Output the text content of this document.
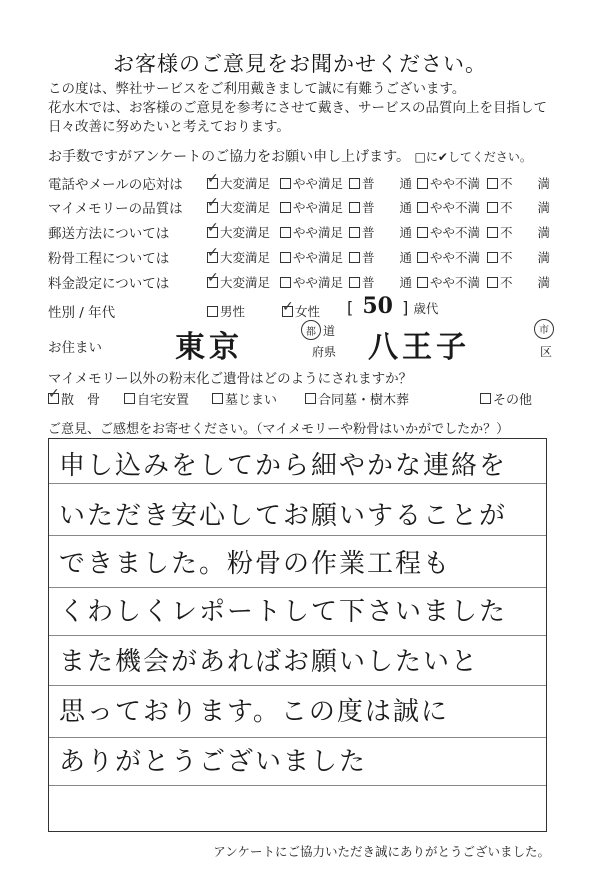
お客様のご意見をお聞かせください。
この度は、弊社サービスをご利用戴きまして誠に有難うございます。
花水木では、お客様のご意見を参考にさせて戴き、サービスの品質向上を目指して
日々改善に努めたいと考えております。
お手数ですがアンケートのご協力をお願い申し上げます。 □に✔してください。
電話やメールの応対は ✓	大変満足 やや満足 普　　通 やや不満 不　　満
マイメモリーの品質は ✓	大変満足 やや満足 普　　通 やや不満 不　　満
郵送方法については ✓	大変満足 やや満足 普　　通 やや不満 不　　満
粉骨工程については ✓	大変満足 やや満足 普　　通 やや不満 不　　満
料金設定については ✓	大変満足 やや満足 普　　通 やや不満 不　　満
性別 / 年代	男性 ✓	女性 [ 50 ] 歳代
お住まい 東京	都 道
府県 八王子	市
区
マイメモリー以外の粉末化ご遺骨はどのようにされますか？
✓
散　骨	自宅安置	墓じまい	合同墓・樹木葬	その他
ご意見、ご感想をお寄せください。（マイメモリーや粉骨はいかがでしたか？）
申し込みをしてから細やかな連絡を
いただき安心してお願いすることが
できました。粉骨の作業工程も
くわしくレポートして下さいました
また機会があればお願いしたいと
思っております。この度は誠に
ありがとうございました
アンケートにご協力いただき誠にありがとうございました。
